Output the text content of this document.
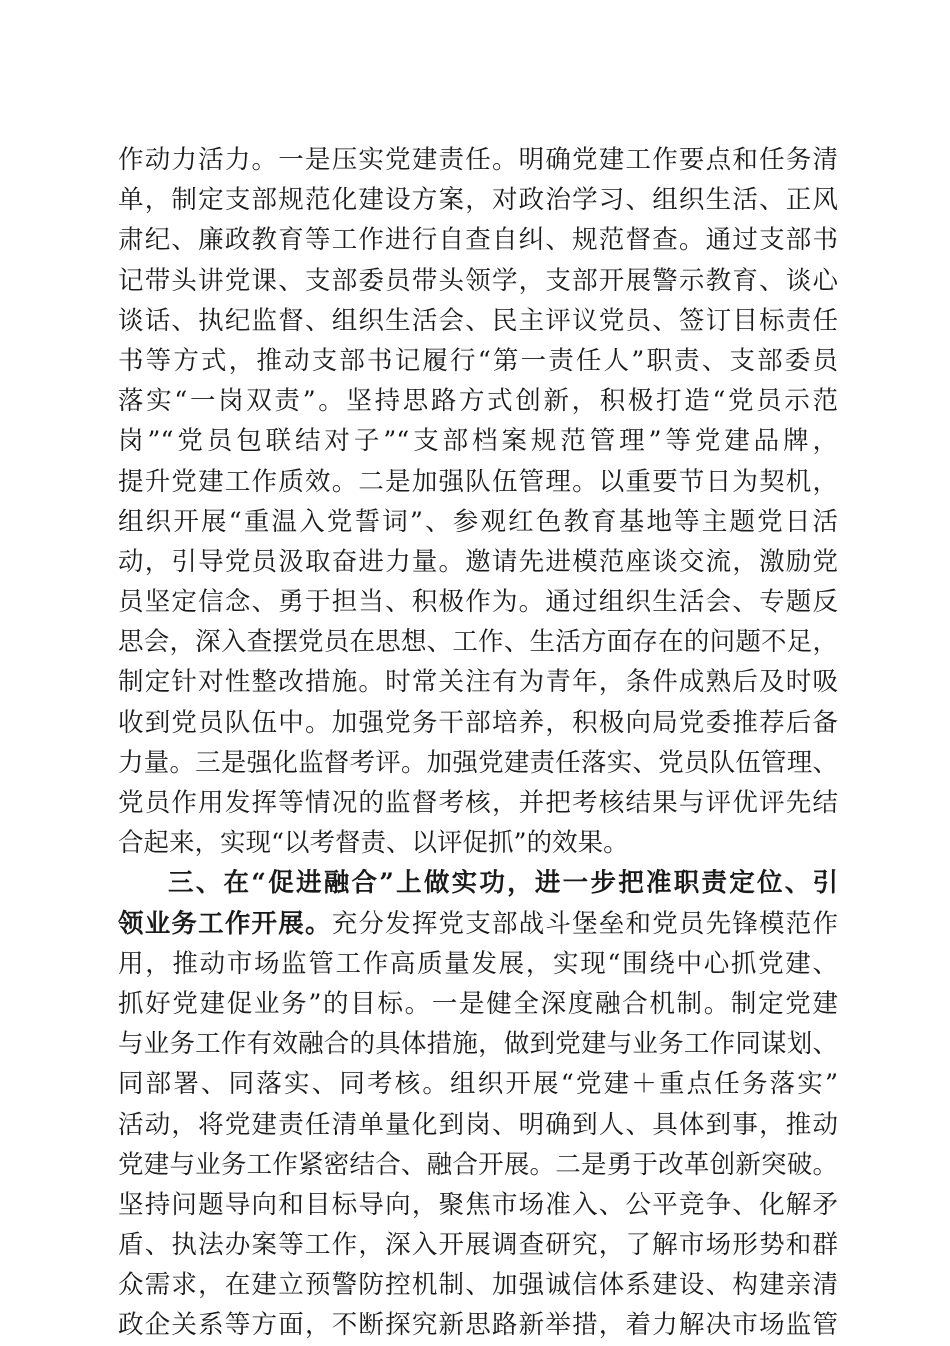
作动力活力。一是压实党建责任。明确党建工作要点和任务清
单，制定支部规范化建设方案，对政治学习、组织生活、正风
肃纪、廉政教育等工作进行自查自纠、规范督查。通过支部书
记带头讲党课、支部委员带头领学，支部开展警示教育、谈心
谈话、执纪监督、组织生活会、民主评议党员、签订目标责任
书等方式，推动支部书记履行“第一责任人”职责、支部委员
落实“一岗双责”。坚持思路方式创新，积极打造“党员示范
岗”“党员包联结对子”“支部档案规范管理”等党建品牌，
提升党建工作质效。二是加强队伍管理。以重要节日为契机，
组织开展“重温入党誓词”、参观红色教育基地等主题党日活
动，引导党员汲取奋进力量。邀请先进模范座谈交流，激励党
员坚定信念、勇于担当、积极作为。通过组织生活会、专题反
思会，深入查摆党员在思想、工作、生活方面存在的问题不足，
制定针对性整改措施。时常关注有为青年，条件成熟后及时吸
收到党员队伍中。加强党务干部培养，积极向局党委推荐后备
力量。三是强化监督考评。加强党建责任落实、党员队伍管理、
党员作用发挥等情况的监督考核，并把考核结果与评优评先结
合起来，实现“以考督责、以评促抓”的效果。
三、在“促进融合”上做实功，进一步把准职责定位、引
领业务工作开展。充分发挥党支部战斗堡垒和党员先锋模范作
用，推动市场监管工作高质量发展，实现“围绕中心抓党建、
抓好党建促业务”的目标。一是健全深度融合机制。制定党建
与业务工作有效融合的具体措施，做到党建与业务工作同谋划、
同部署、同落实、同考核。组织开展“党建＋重点任务落实”
活动，将党建责任清单量化到岗、明确到人、具体到事，推动
党建与业务工作紧密结合、融合开展。二是勇于改革创新突破。
坚持问题导向和目标导向，聚焦市场准入、公平竞争、化解矛
盾、执法办案等工作，深入开展调查研究，了解市场形势和群
众需求，在建立预警防控机制、加强诚信体系建设、构建亲清
政企关系等方面，不断探究新思路新举措，着力解决市场监管
